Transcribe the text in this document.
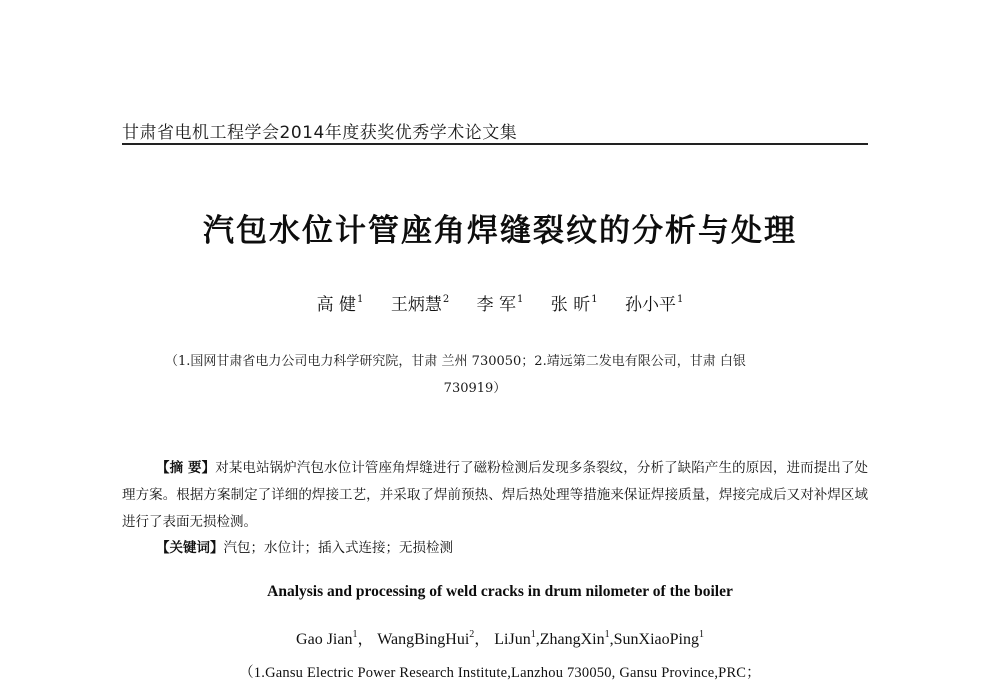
甘肃省电机工程学会2014年度获奖优秀学术论文集
汽包水位计管座角焊缝裂纹的分析与处理
高 健$^1$ 王炳慧$^2$ 李 军$^1$ 张 昕$^1$ 孙小平$^1$
（1.国网甘肃省电力公司电力科学研究院，甘肃 兰州 730050；2.靖远第二发电有限公司，甘肃 白银
730919）
【摘 要】对某电站锅炉汽包水位计管座角焊缝进行了磁粉检测后发现多条裂纹，分析了缺陷产生的原因，进而提出了处理方案。根据方案制定了详细的焊接工艺，并采取了焊前预热、焊后热处理等措施来保证焊接质量，焊接完成后又对补焊区域进行了表面无损检测。
【关键词】汽包；水位计；插入式连接；无损检测
Analysis and processing of weld cracks in drum nilometer of the boiler
Gao Jian$^1$， WangBingHui$^2$， LiJun$^1$,ZhangXin$^1$,SunXiaoPing$^1$
（1.Gansu Electric Power Research Institute,Lanzhou 730050, Gansu Province,PRC；
